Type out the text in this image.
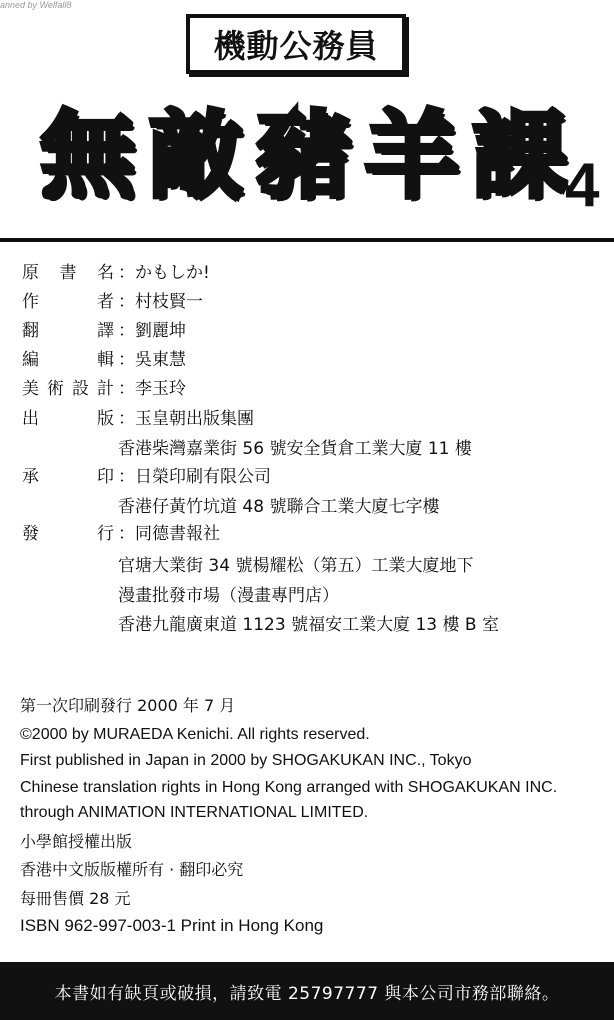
anned by Welfall8
機動公務員
無 敵 豬 羊 課
4
原 書 名 ：かもしか!
作	者 ：村枝賢一
翻	譯 ：劉麗坤
編	輯 ：吳東慧
美 術 設 計 ：李玉玲
出	版 ：玉皇朝出版集團
香港柴灣嘉業街 56 號安全貨倉工業大廈 11 樓
承	印 ：日榮印刷有限公司
香港仔黃竹坑道 48 號聯合工業大廈七字樓
發	行 ：同德書報社
官塘大業街 34 號楊耀松（第五）工業大廈地下
漫畫批發市場（漫畫專門店）
香港九龍廣東道 1123 號福安工業大廈 13 樓 B 室
第一次印刷發行 2000 年 7 月
©2000 by MURAEDA Kenichi. All rights reserved.
First published in Japan in 2000 by SHOGAKUKAN INC., Tokyo
Chinese translation rights in Hong Kong arranged with SHOGAKUKAN INC.
through ANIMATION INTERNATIONAL LIMITED.
小學館授權出版
香港中文版版權所有 · 翻印必究
每冊售價 28 元
ISBN 962-997-003-1 Print in Hong Kong
本書如有缺頁或破損，請致電 25797777 與本公司市務部聯絡。
